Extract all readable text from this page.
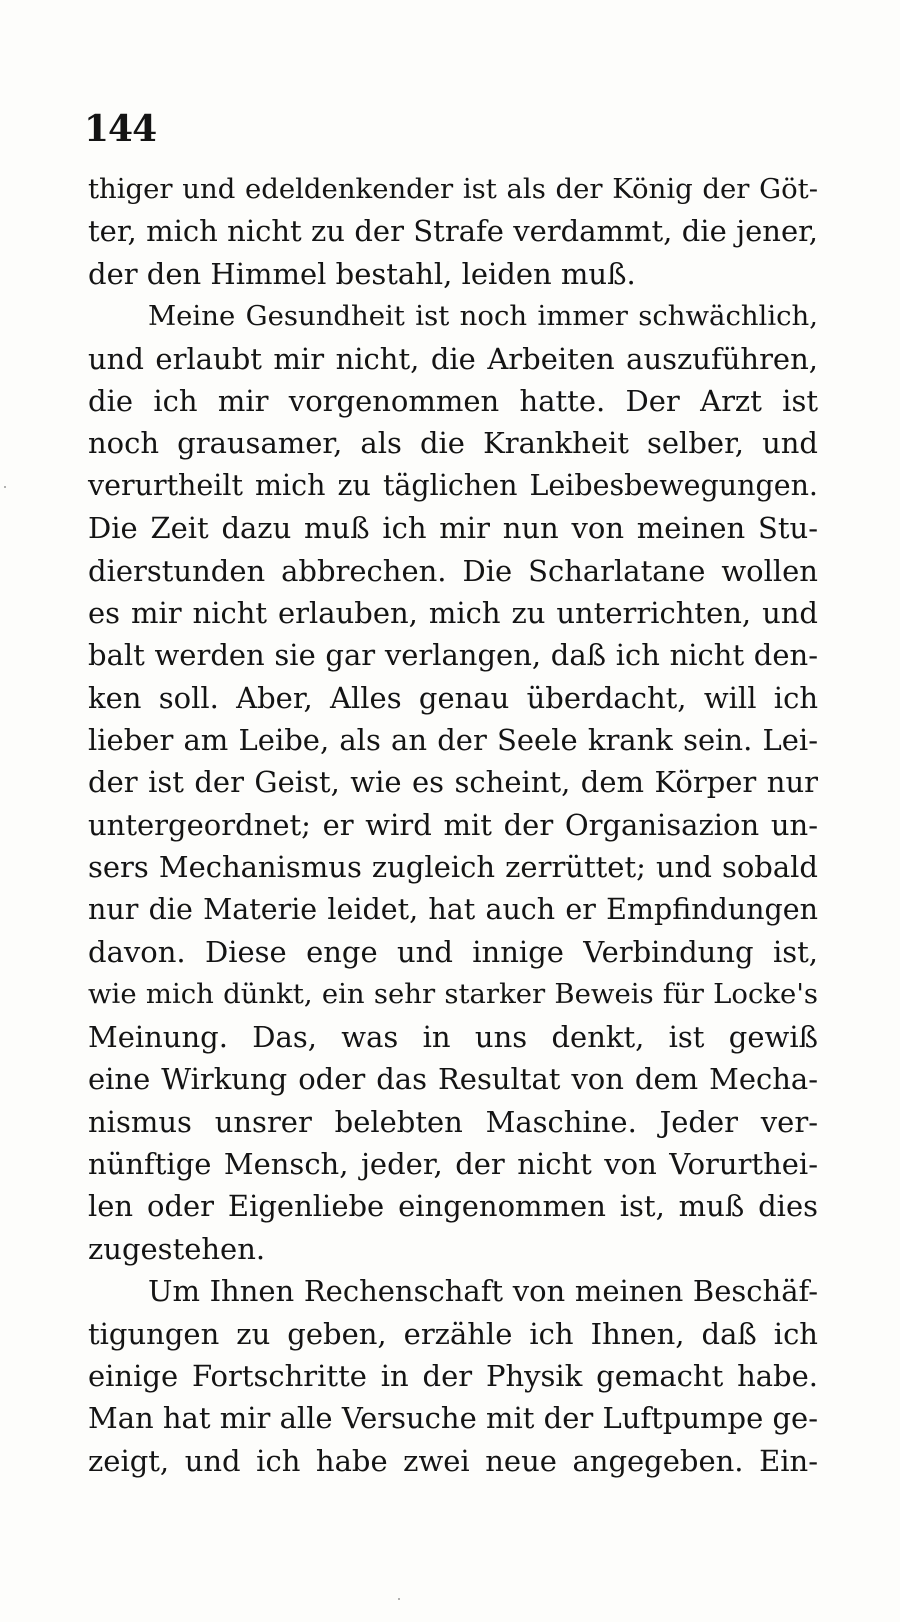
144
thiger und edeldenkender ist als der König der Göt-
ter, mich nicht zu der Strafe verdammt, die jener,
der den Himmel bestahl, leiden muß.
Meine Gesundheit ist noch immer schwächlich,
und erlaubt mir nicht, die Arbeiten auszuführen,
die ich mir vorgenommen hatte. Der Arzt ist
noch grausamer, als die Krankheit selber, und
verurtheilt mich zu täglichen Leibesbewegungen.
Die Zeit dazu muß ich mir nun von meinen Stu-
dierstunden abbrechen. Die Scharlatane wollen
es mir nicht erlauben, mich zu unterrichten, und
balt werden sie gar verlangen, daß ich nicht den-
ken soll. Aber, Alles genau überdacht, will ich
lieber am Leibe, als an der Seele krank sein. Lei-
der ist der Geist, wie es scheint, dem Körper nur
untergeordnet; er wird mit der Organisazion un-
sers Mechanismus zugleich zerrüttet; und sobald
nur die Materie leidet, hat auch er Empfindungen
davon. Diese enge und innige Verbindung ist,
wie mich dünkt, ein sehr starker Beweis für Locke's
Meinung. Das, was in uns denkt, ist gewiß
eine Wirkung oder das Resultat von dem Mecha-
nismus unsrer belebten Maschine. Jeder ver-
nünftige Mensch, jeder, der nicht von Vorurthei-
len oder Eigenliebe eingenommen ist, muß dies
zugestehen.
Um Ihnen Rechenschaft von meinen Beschäf-
tigungen zu geben, erzähle ich Ihnen, daß ich
einige Fortschritte in der Physik gemacht habe.
Man hat mir alle Versuche mit der Luftpumpe ge-
zeigt, und ich habe zwei neue angegeben. Ein-
